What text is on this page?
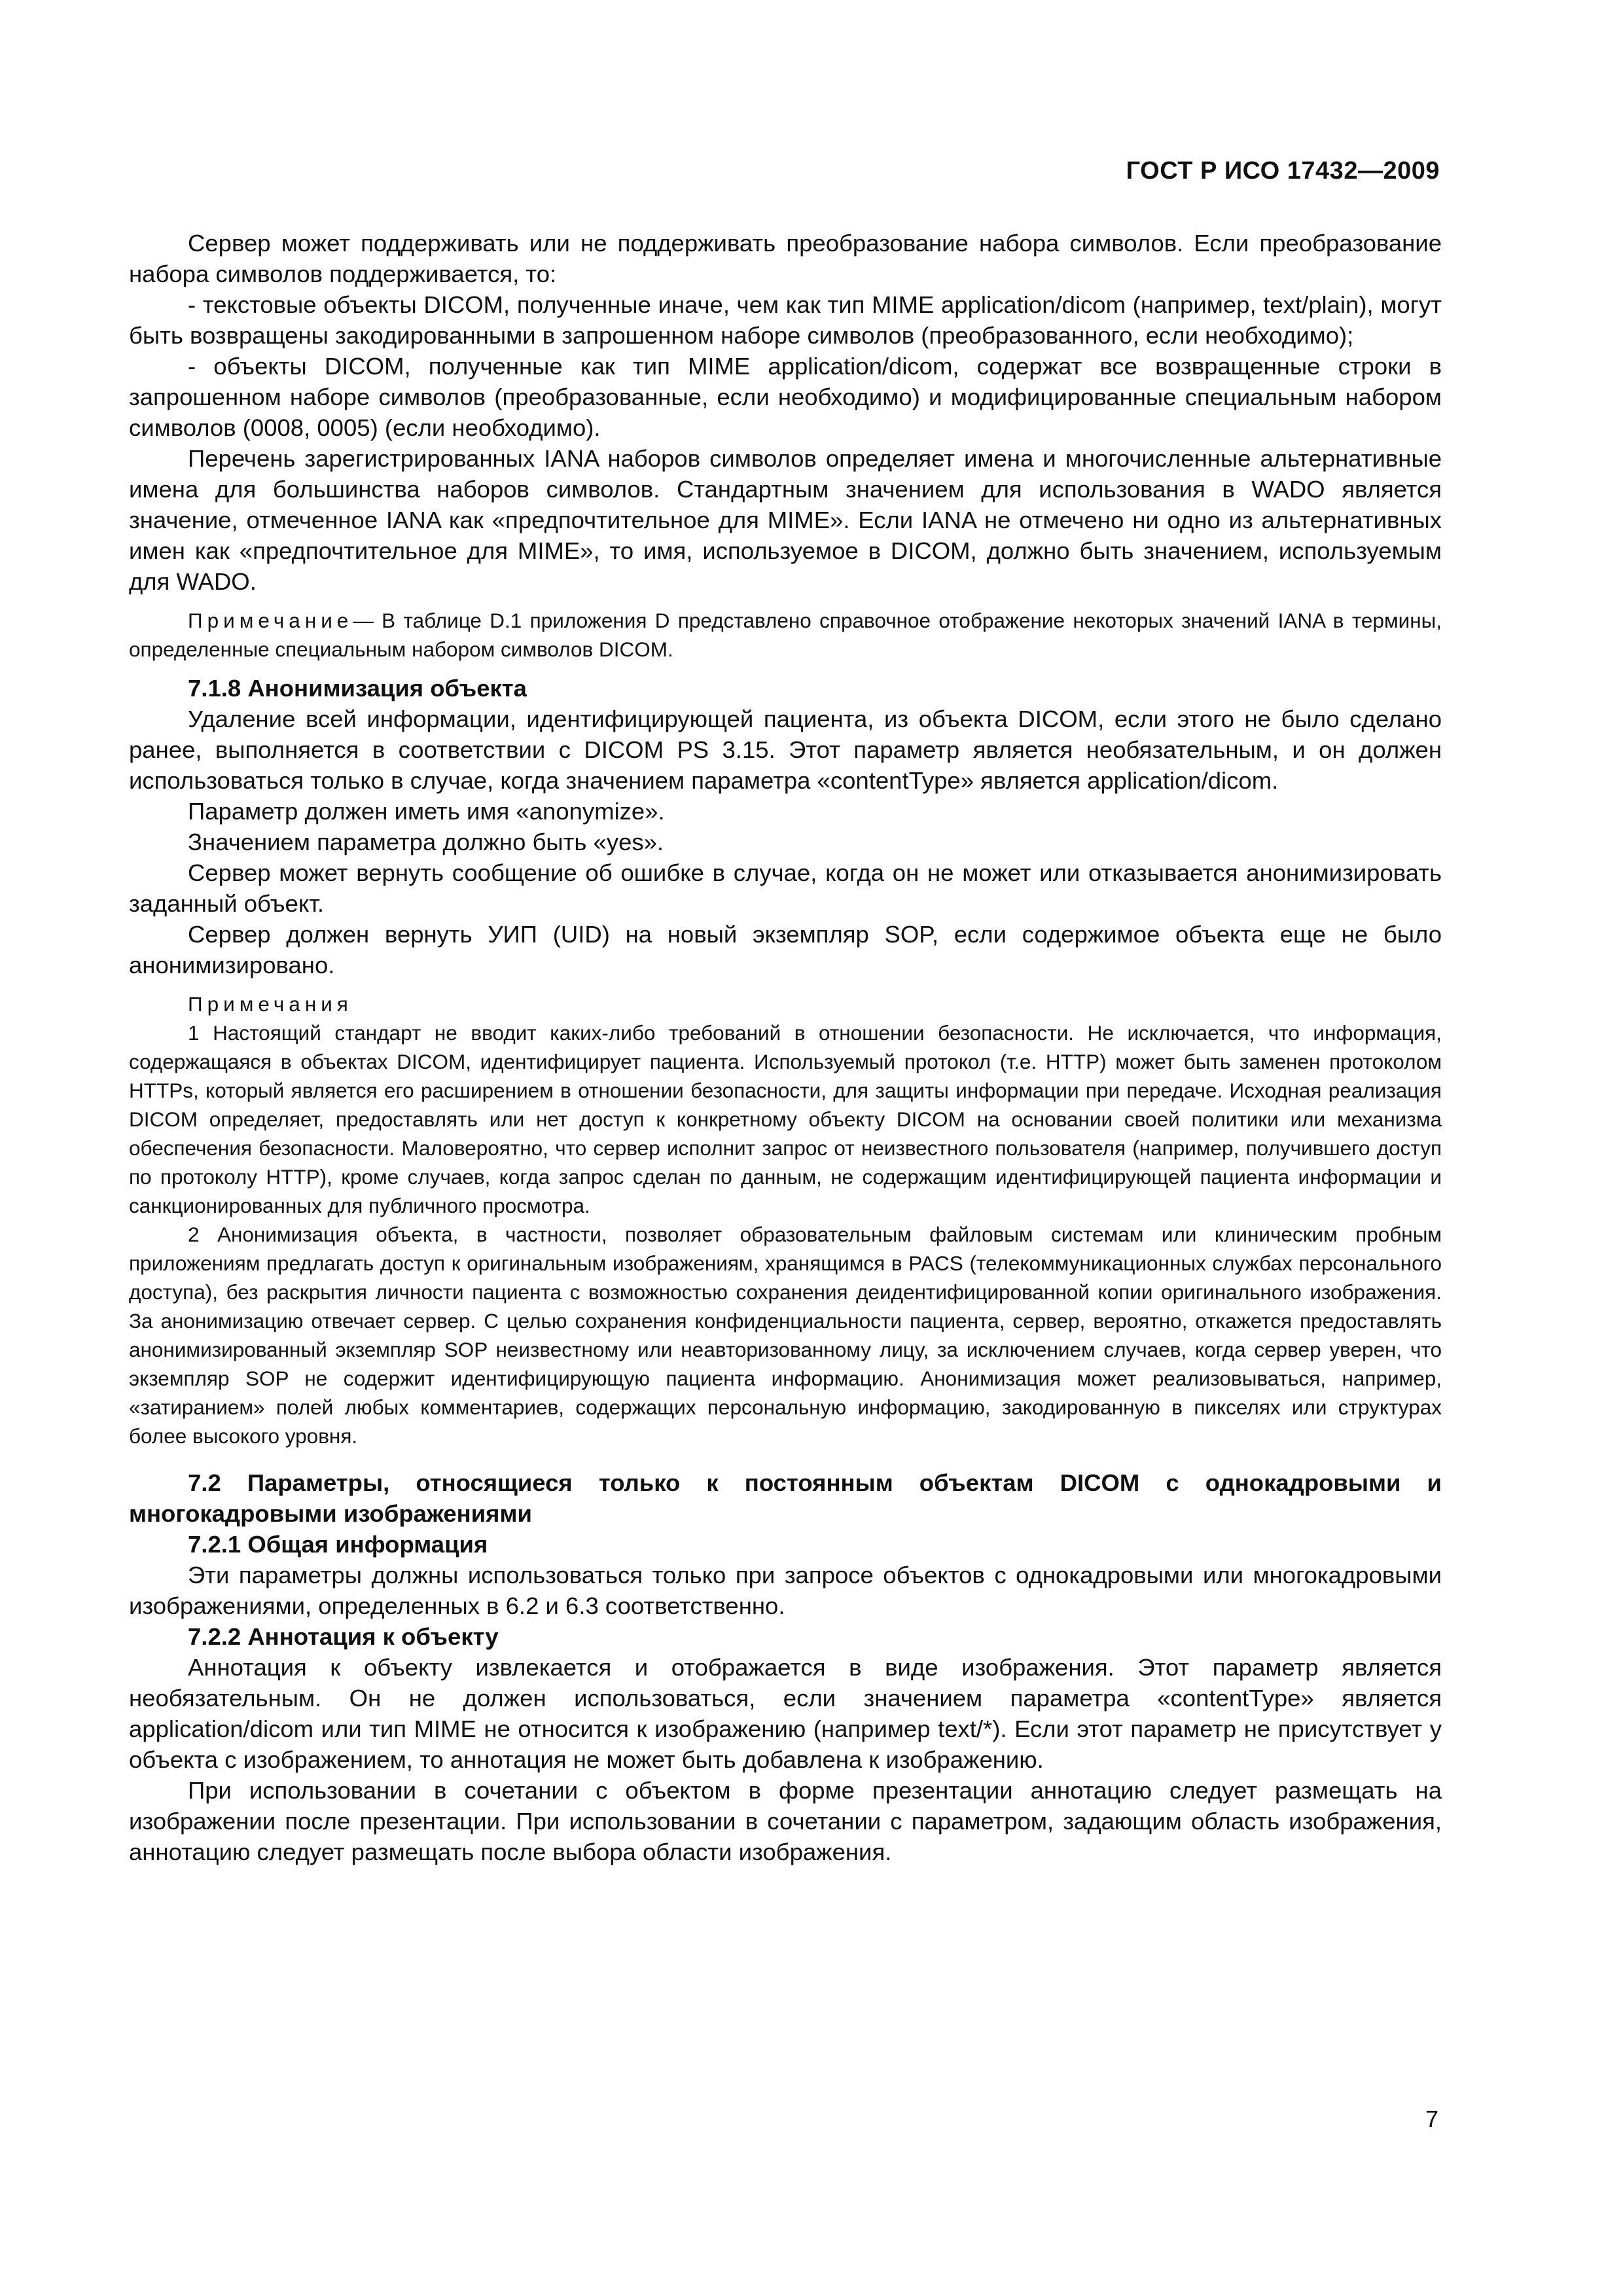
ГОСТ Р ИСО 17432—2009

Сервер может поддерживать или не поддерживать преобразование набора символов. Если преобразование набора символов поддерживается, то:

- текстовые объекты DICOM, полученные иначе, чем как тип MIME application/dicom (например, text/plain), могут быть возвращены закодированными в запрошенном наборе символов (преобразованного, если необходимо);

- объекты DICOM, полученные как тип MIME application/dicom, содержат все возвращенные строки в запрошенном наборе символов (преобразованные, если необходимо) и модифицированные специальным набором символов (0008, 0005) (если необходимо).

Перечень зарегистрированных IANA наборов символов определяет имена и многочисленные альтернативные имена для большинства наборов символов. Стандартным значением для использования в WADO является значение, отмеченное IANA как «предпочтительное для MIME». Если IANA не отмечено ни одно из альтернативных имен как «предпочтительное для MIME», то имя, используемое в DICOM, должно быть значением, используемым для WADO.

Примечание— В таблице D.1 приложения D представлено справочное отображение некоторых значений IANA в термины, определенные специальным набором символов DICOM.

7.1.8 Анонимизация объекта

Удаление всей информации, идентифицирующей пациента, из объекта DICOM, если этого не было сделано ранее, выполняется в соответствии с DICOM PS 3.15. Этот параметр является необязательным, и он должен использоваться только в случае, когда значением параметра «contentType» является application/dicom.

Параметр должен иметь имя «anonymize».

Значением параметра должно быть «yes».

Сервер может вернуть сообщение об ошибке в случае, когда он не может или отказывается анонимизировать заданный объект.

Сервер должен вернуть УИП (UID) на новый экземпляр SOP, если содержимое объекта еще не было анонимизировано.

Примечания

1 Настоящий стандарт не вводит каких-либо требований в отношении безопасности. Не исключается, что информация, содержащаяся в объектах DICOM, идентифицирует пациента. Используемый протокол (т.е. HTTP) может быть заменен протоколом HTTPs, который является его расширением в отношении безопасности, для защиты информации при передаче. Исходная реализация DICOM определяет, предоставлять или нет доступ к конкретному объекту DICOM на основании своей политики или механизма обеспечения безопасности. Маловероятно, что сервер исполнит запрос от неизвестного пользователя (например, получившего доступ по протоколу HTTP), кроме случаев, когда запрос сделан по данным, не содержащим идентифицирующей пациента информации и санкционированных для публичного просмотра.

2 Анонимизация объекта, в частности, позволяет образовательным файловым системам или клиническим пробным приложениям предлагать доступ к оригинальным изображениям, хранящимся в PACS (телекоммуникационных службах персонального доступа), без раскрытия личности пациента с возможностью сохранения деидентифицированной копии оригинального изображения. За анонимизацию отвечает сервер. С целью сохранения конфиденциальности пациента, сервер, вероятно, откажется предоставлять анонимизированный экземпляр SOP неизвестному или неавторизованному лицу, за исключением случаев, когда сервер уверен, что экземпляр SOP не содержит идентифицирующую пациента информацию. Анонимизация может реализовываться, например, «затиранием» полей любых комментариев, содержащих персональную информацию, закодированную в пикселях или структурах более высокого уровня.

7.2 Параметры, относящиеся только к постоянным объектам DICOM с однокадровыми и многокадровыми изображениями

7.2.1 Общая информация

Эти параметры должны использоваться только при запросе объектов с однокадровыми или многокадровыми изображениями, определенных в 6.2 и 6.3 соответственно.

7.2.2 Аннотация к объекту

Аннотация к объекту извлекается и отображается в виде изображения. Этот параметр является необязательным. Он не должен использоваться, если значением параметра «contentType» является application/dicom или тип MIME не относится к изображению (например text/*). Если этот параметр не присутствует у объекта с изображением, то аннотация не может быть добавлена к изображению.

При использовании в сочетании с объектом в форме презентации аннотацию следует размещать на изображении после презентации. При использовании в сочетании с параметром, задающим область изображения, аннотацию следует размещать после выбора области изображения.

7
